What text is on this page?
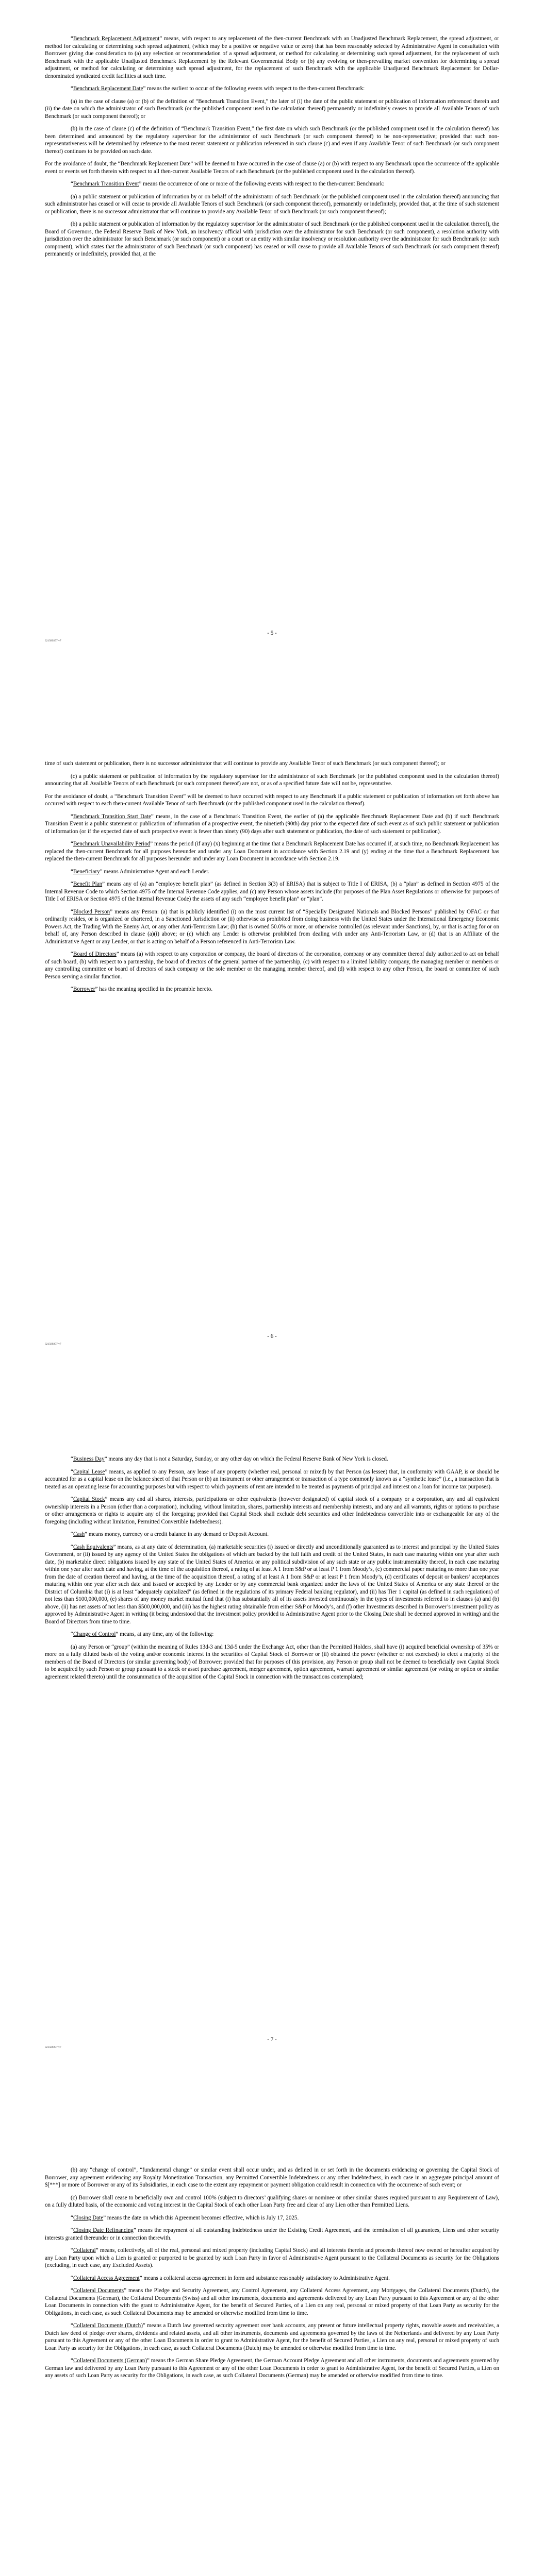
“Benchmark Replacement Adjustment” means, with respect to any replacement of the then-current Benchmark with an Unadjusted Benchmark Replacement, the spread adjustment, or method for calculating or determining such spread adjustment, (which may be a positive or negative value or zero) that has been reasonably selected by Administrative Agent in consultation with Borrower giving due consideration to (a) any selection or recommendation of a spread adjustment, or method for calculating or determining such spread adjustment, for the replacement of such Benchmark with the applicable Unadjusted Benchmark Replacement by the Relevant Governmental Body or (b) any evolving or then-prevailing market convention for determining a spread adjustment, or method for calculating or determining such spread adjustment, for the replacement of such Benchmark with the applicable Unadjusted Benchmark Replacement for Dollar-denominated syndicated credit facilities at such time.

“Benchmark Replacement Date” means the earliest to occur of the following events with respect to the then-current Benchmark:

(a) in the case of clause (a) or (b) of the definition of “Benchmark Transition Event,” the later of (i) the date of the public statement or publication of information referenced therein and (ii) the date on which the administrator of such Benchmark (or the published component used in the calculation thereof) permanently or indefinitely ceases to provide all Available Tenors of such Benchmark (or such component thereof); or

(b) in the case of clause (c) of the definition of “Benchmark Transition Event,” the first date on which such Benchmark (or the published component used in the calculation thereof) has been determined and announced by the regulatory supervisor for the administrator of such Benchmark (or such component thereof) to be non-representative; provided that such non-representativeness will be determined by reference to the most recent statement or publication referenced in such clause (c) and even if any Available Tenor of such Benchmark (or such component thereof) continues to be provided on such date.

For the avoidance of doubt, the “Benchmark Replacement Date” will be deemed to have occurred in the case of clause (a) or (b) with respect to any Benchmark upon the occurrence of the applicable event or events set forth therein with respect to all then-current Available Tenors of such Benchmark (or the published component used in the calculation thereof).

“Benchmark Transition Event” means the occurrence of one or more of the following events with respect to the then-current Benchmark:

(a) a public statement or publication of information by or on behalf of the administrator of such Benchmark (or the published component used in the calculation thereof) announcing that such administrator has ceased or will cease to provide all Available Tenors of such Benchmark (or such component thereof), permanently or indefinitely, provided that, at the time of such statement or publication, there is no successor administrator that will continue to provide any Available Tenor of such Benchmark (or such component thereof);

(b) a public statement or publication of information by the regulatory supervisor for the administrator of such Benchmark (or the published component used in the calculation thereof), the Board of Governors, the Federal Reserve Bank of New York, an insolvency official with jurisdiction over the administrator for such Benchmark (or such component), a resolution authority with jurisdiction over the administrator for such Benchmark (or such component) or a court or an entity with similar insolvency or resolution authority over the administrator for such Benchmark (or such component), which states that the administrator of such Benchmark (or such component) has ceased or will cease to provide all Available Tenors of such Benchmark (or such component thereof) permanently or indefinitely, provided that, at the

- 5 -
321589257 v7

time of such statement or publication, there is no successor administrator that will continue to provide any Available Tenor of such Benchmark (or such component thereof); or

(c) a public statement or publication of information by the regulatory supervisor for the administrator of such Benchmark (or the published component used in the calculation thereof) announcing that all Available Tenors of such Benchmark (or such component thereof) are not, or as of a specified future date will not be, representative.

For the avoidance of doubt, a “Benchmark Transition Event” will be deemed to have occurred with respect to any Benchmark if a public statement or publication of information set forth above has occurred with respect to each then-current Available Tenor of such Benchmark (or the published component used in the calculation thereof).

“Benchmark Transition Start Date” means, in the case of a Benchmark Transition Event, the earlier of (a) the applicable Benchmark Replacement Date and (b) if such Benchmark Transition Event is a public statement or publication of information of a prospective event, the ninetieth (90th) day prior to the expected date of such event as of such public statement or publication of information (or if the expected date of such prospective event is fewer than ninety (90) days after such statement or publication, the date of such statement or publication).

“Benchmark Unavailability Period” means the period (if any) (x) beginning at the time that a Benchmark Replacement Date has occurred if, at such time, no Benchmark Replacement has replaced the then-current Benchmark for all purposes hereunder and under any Loan Document in accordance with Section 2.19 and (y) ending at the time that a Benchmark Replacement has replaced the then-current Benchmark for all purposes hereunder and under any Loan Document in accordance with Section 2.19.

“Beneficiary” means Administrative Agent and each Lender.

“Benefit Plan” means any of (a) an “employee benefit plan” (as defined in Section 3(3) of ERISA) that is subject to Title I of ERISA, (b) a “plan” as defined in Section 4975 of the Internal Revenue Code to which Section 4975 of the Internal Revenue Code applies, and (c) any Person whose assets include (for purposes of the Plan Asset Regulations or otherwise for purposes of Title I of ERISA or Section 4975 of the Internal Revenue Code) the assets of any such “employee benefit plan” or “plan”.

“Blocked Person” means any Person: (a) that is publicly identified (i) on the most current list of “Specially Designated Nationals and Blocked Persons” published by OFAC or that ordinarily resides, or is organized or chartered, in a Sanctioned Jurisdiction or (ii) otherwise as prohibited from doing business with the United States under the International Emergency Economic Powers Act, the Trading With the Enemy Act, or any other Anti-Terrorism Law; (b) that is owned 50.0% or more, or otherwise controlled (as relevant under Sanctions), by, or that is acting for or on behalf of, any Person described in clause (a)(i) above; or (c) which any Lender is otherwise prohibited from dealing with under any Anti-Terrorism Law, or (d) that is an Affiliate of the Administrative Agent or any Lender, or that is acting on behalf of a Person referenced in Anti-Terrorism Law.

“Board of Directors” means (a) with respect to any corporation or company, the board of directors of the corporation, company or any committee thereof duly authorized to act on behalf of such board, (b) with respect to a partnership, the board of directors of the general partner of the partnership, (c) with respect to a limited liability company, the managing member or members or any controlling committee or board of directors of such company or the sole member or the managing member thereof, and (d) with respect to any other Person, the board or committee of such Person serving a similar function.

“Borrower” has the meaning specified in the preamble hereto.

- 6 -
321589257 v7

“Business Day” means any day that is not a Saturday, Sunday, or any other day on which the Federal Reserve Bank of New York is closed.

“Capital Lease” means, as applied to any Person, any lease of any property (whether real, personal or mixed) by that Person (as lessee) that, in conformity with GAAP, is or should be accounted for as a capital lease on the balance sheet of that Person or (b) an instrument or other arrangement or transaction of a type commonly known as a “synthetic lease” (i.e., a transaction that is treated as an operating lease for accounting purposes but with respect to which payments of rent are intended to be treated as payments of principal and interest on a loan for income tax purposes).

“Capital Stock” means any and all shares, interests, participations or other equivalents (however designated) of capital stock of a company or a corporation, any and all equivalent ownership interests in a Person (other than a corporation), including, without limitation, shares, partnership interests and membership interests, and any and all warrants, rights or options to purchase or other arrangements or rights to acquire any of the foregoing; provided that Capital Stock shall exclude debt securities and other Indebtedness convertible into or exchangeable for any of the foregoing (including without limitation, Permitted Convertible Indebtedness).

“Cash” means money, currency or a credit balance in any demand or Deposit Account.

“Cash Equivalents” means, as at any date of determination, (a) marketable securities (i) issued or directly and unconditionally guaranteed as to interest and principal by the United States Government, or (ii) issued by any agency of the United States the obligations of which are backed by the full faith and credit of the United States, in each case maturing within one year after such date, (b) marketable direct obligations issued by any state of the United States of America or any political subdivision of any such state or any public instrumentality thereof, in each case maturing within one year after such date and having, at the time of the acquisition thereof, a rating of at least A 1 from S&P or at least P 1 from Moody’s, (c) commercial paper maturing no more than one year from the date of creation thereof and having, at the time of the acquisition thereof, a rating of at least A 1 from S&P or at least P 1 from Moody’s, (d) certificates of deposit or bankers’ acceptances maturing within one year after such date and issued or accepted by any Lender or by any commercial bank organized under the laws of the United States of America or any state thereof or the District of Columbia that (i) is at least “adequately capitalized” (as defined in the regulations of its primary Federal banking regulator), and (ii) has Tier 1 capital (as defined in such regulations) of not less than $100,000,000, (e) shares of any money market mutual fund that (i) has substantially all of its assets invested continuously in the types of investments referred to in clauses (a) and (b) above, (ii) has net assets of not less than $500,000,000, and (iii) has the highest rating obtainable from either S&P or Moody’s, and (f) other Investments described in Borrower’s investment policy as approved by Administrative Agent in writing (it being understood that the investment policy provided to Administrative Agent prior to the Closing Date shall be deemed approved in writing) and the Board of Directors from time to time.

“Change of Control” means, at any time, any of the following:

(a) any Person or “group” (within the meaning of Rules 13d-3 and 13d-5 under the Exchange Act, other than the Permitted Holders, shall have (i) acquired beneficial ownership of 35% or more on a fully diluted basis of the voting and/or economic interest in the securities of Capital Stock of Borrower or (ii) obtained the power (whether or not exercised) to elect a majority of the members of the Board of Directors (or similar governing body) of Borrower; provided that for purposes of this provision, any Person or group shall not be deemed to beneficially own Capital Stock to be acquired by such Person or group pursuant to a stock or asset purchase agreement, merger agreement, option agreement, warrant agreement or similar agreement (or voting or option or similar agreement related thereto) until the consummation of the acquisition of the Capital Stock in connection with the transactions contemplated;

- 7 -
321589257 v7

(b) any “change of control”, “fundamental change” or similar event shall occur under, and as defined in or set forth in the documents evidencing or governing the Capital Stock of Borrower, any agreement evidencing any Royalty Monetization Transaction, any Permitted Convertible Indebtedness or any other Indebtedness, in each case in an aggregate principal amount of $[***] or more of Borrower or any of its Subsidiaries, in each case to the extent any repayment or payment obligation could result in connection with the occurrence of such event; or

(c) Borrower shall cease to beneficially own and control 100% (subject to directors’ qualifying shares or nominee or other similar shares required pursuant to any Requirement of Law), on a fully diluted basis, of the economic and voting interest in the Capital Stock of each other Loan Party free and clear of any Lien other than Permitted Liens.

“Closing Date” means the date on which this Agreement becomes effective, which is July 17, 2025.

“Closing Date Refinancing” means the repayment of all outstanding Indebtedness under the Existing Credit Agreement, and the termination of all guarantees, Liens and other security interests granted thereunder or in connection therewith.

“Collateral” means, collectively, all of the real, personal and mixed property (including Capital Stock) and all interests therein and proceeds thereof now owned or hereafter acquired by any Loan Party upon which a Lien is granted or purported to be granted by such Loan Party in favor of Administrative Agent pursuant to the Collateral Documents as security for the Obligations (excluding, in each case, any Excluded Assets).

“Collateral Access Agreement” means a collateral access agreement in form and substance reasonably satisfactory to Administrative Agent.

“Collateral Documents” means the Pledge and Security Agreement, any Control Agreement, any Collateral Access Agreement, any Mortgages, the Collateral Documents (Dutch), the Collateral Documents (German), the Collateral Documents (Swiss) and all other instruments, documents and agreements delivered by any Loan Party pursuant to this Agreement or any of the other Loan Documents in connection with the grant to Administrative Agent, for the benefit of Secured Parties, of a Lien on any real, personal or mixed property of that Loan Party as security for the Obligations, in each case, as such Collateral Documents may be amended or otherwise modified from time to time.

“Collateral Documents (Dutch)” means a Dutch law governed security agreement over bank accounts, any present or future intellectual property rights, movable assets and receivables, a Dutch law deed of pledge over shares, dividends and related assets, and all other instruments, documents and agreements governed by the laws of the Netherlands and delivered by any Loan Party pursuant to this Agreement or any of the other Loan Documents in order to grant to Administrative Agent, for the benefit of Secured Parties, a Lien on any real, personal or mixed property of such Loan Party as security for the Obligations, in each case, as such Collateral Documents (Dutch) may be amended or otherwise modified from time to time.

“Collateral Documents (German)” means the German Share Pledge Agreement, the German Account Pledge Agreement and all other instruments, documents and agreements governed by German law and delivered by any Loan Party pursuant to this Agreement or any of the other Loan Documents in order to grant to Administrative Agent, for the benefit of Secured Parties, a Lien on any assets of such Loan Party as security for the Obligations, in each case, as such Collateral Documents (German) may be amended or otherwise modified from time to time.
